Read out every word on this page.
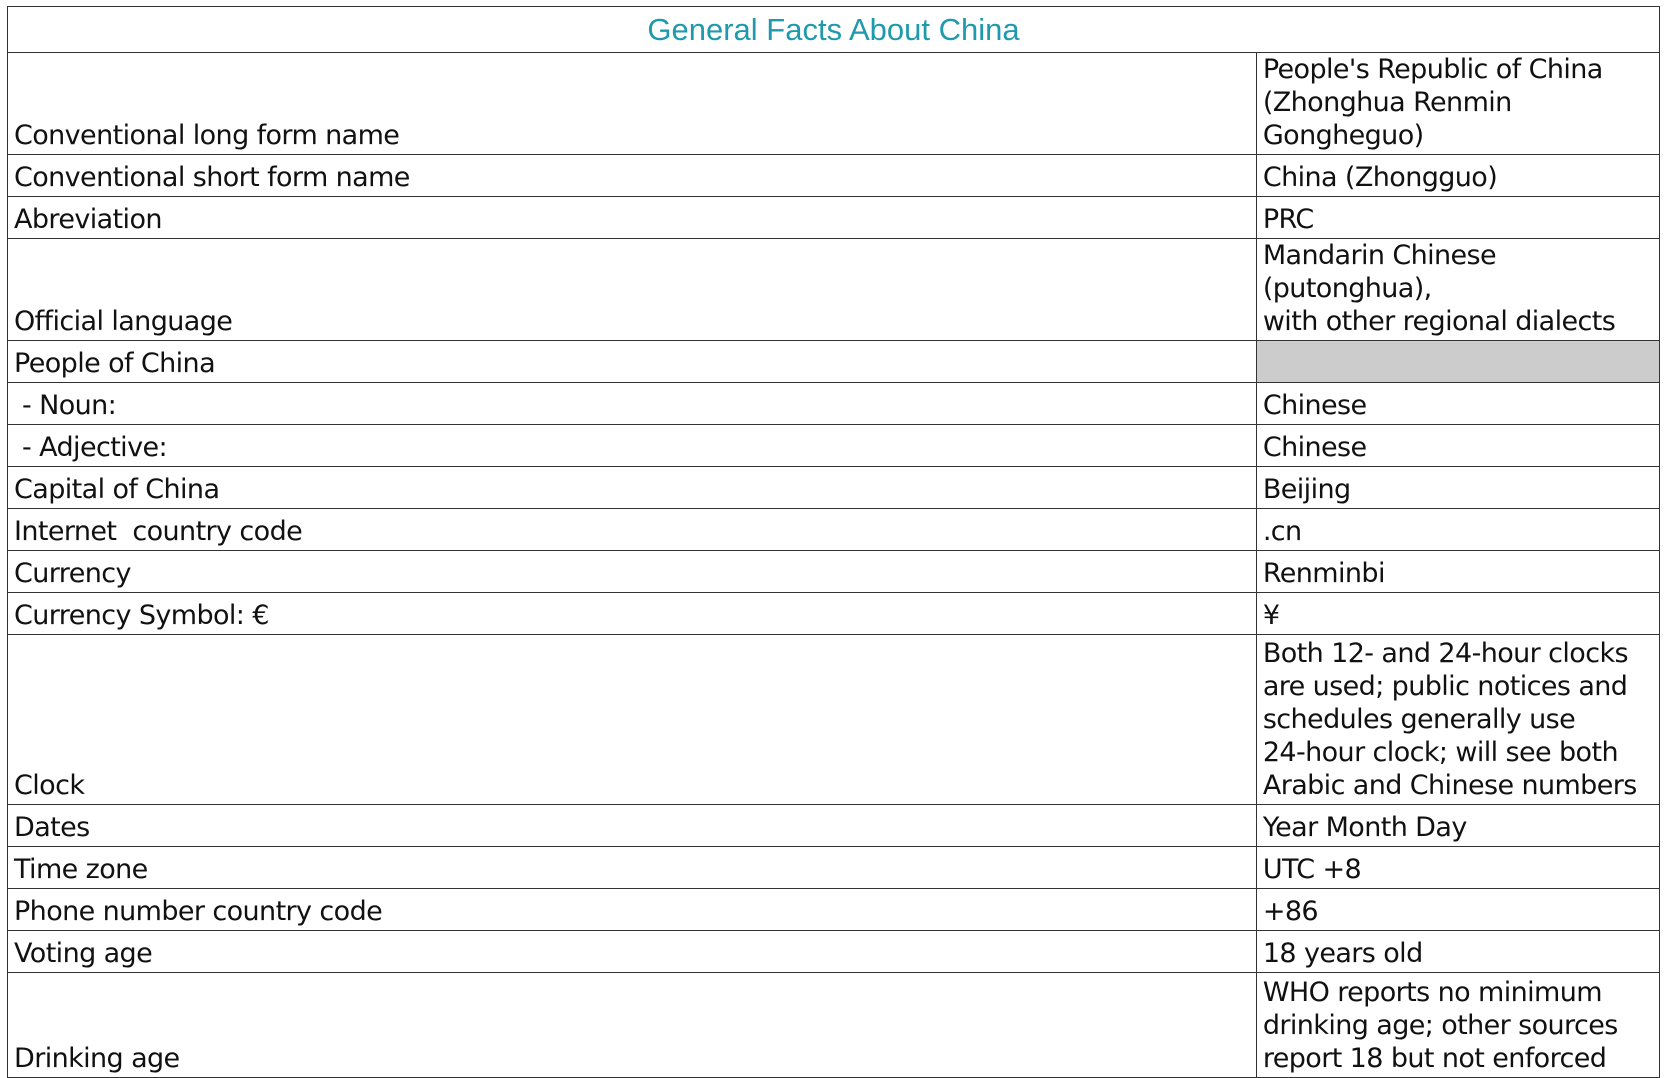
General Facts About China	
Conventional long form name	People's Republic of China
(Zhonghua Renmin Gongheguo)
Conventional short form name	China (Zhongguo)
Abreviation	PRC
Official language	Mandarin Chinese (putonghua),
with other regional dialects
People of China	
- Noun:	Chinese
- Adjective:	Chinese
Capital of China	Beijing
Internet  country code	.cn
Currency	Renminbi
Currency Symbol: €	¥
Clock	Both 12- and 24-hour clocks
are used; public notices and
schedules generally use
24-hour clock; will see both
Arabic and Chinese numbers
Dates	Year Month Day
Time zone	UTC +8
Phone number country code	+86
Voting age	18 years old
Drinking age	WHO reports no minimum
drinking age; other sources
report 18 but not enforced
